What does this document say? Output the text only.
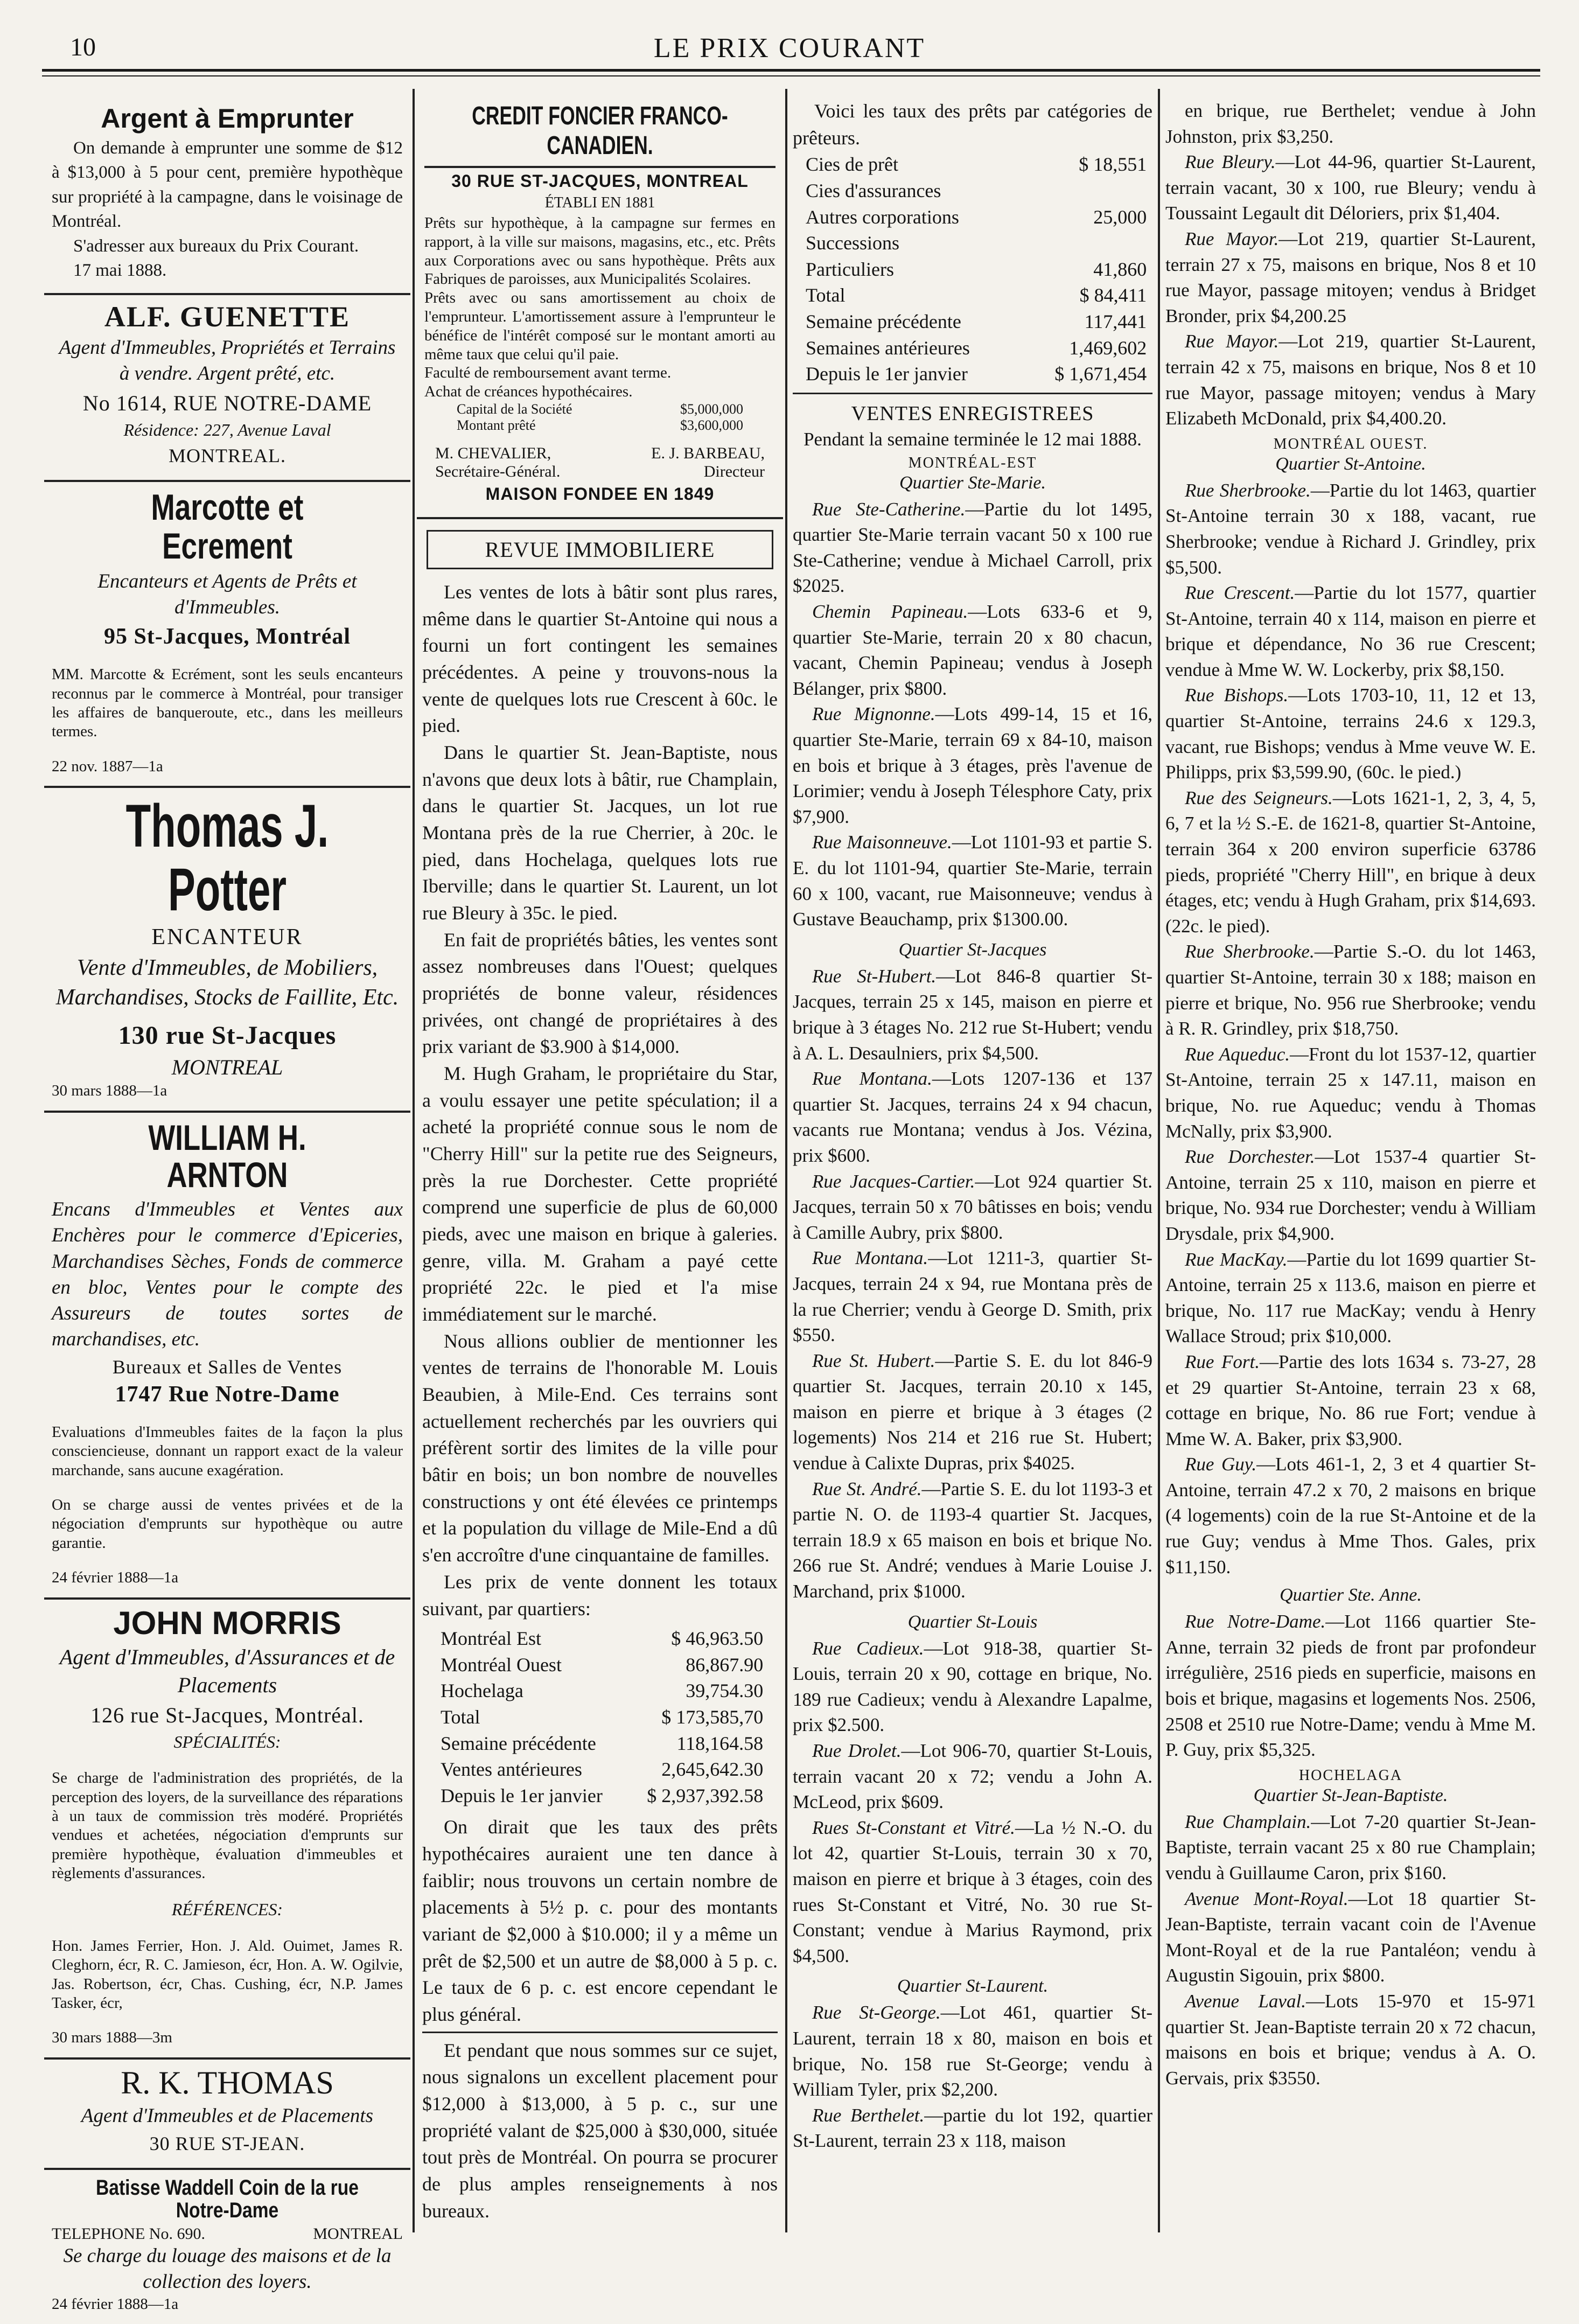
10	LE PRIX COURANT
Argent à Emprunter

On demande à emprunter une somme de $12 à $13,000 à 5 pour cent, première hypothèque sur propriété à la campagne, dans le voisinage de Montréal.

S'adresser aux bureaux du Prix Courant.

17 mai 1888.

ALF. GUENETTE
Agent d'Immeubles, Propriétés et Terrains à vendre. Argent prêté, etc.
No 1614, RUE NOTRE-DAME
Résidence: 227, Avenue Laval
MONTREAL.
Marcotte et Ecrement
Encanteurs et Agents de Prêts et d'Immeubles.
95 St-Jacques, Montréal

MM. Marcotte & Ecrément, sont les seuls encanteurs reconnus par le commerce à Montréal, pour transiger les affaires de banqueroute, etc., dans les meilleurs termes.

22 nov. 1887—1a
Thomas J. Potter
ENCANTEUR
Vente d'Immeubles, de Mobiliers, Marchandises, Stocks de Faillite, Etc.
130 rue St-Jacques
MONTREAL
30 mars 1888—1a
WILLIAM H. ARNTON
Encans d'Immeubles et Ventes aux Enchères pour le commerce d'Epiceries, Marchandises Sèches, Fonds de commerce en bloc, Ventes pour le compte des Assureurs de toutes sortes de marchandises, etc.
Bureaux et Salles de Ventes
1747 Rue Notre-Dame

Evaluations d'Immeubles faites de la façon la plus consciencieuse, donnant un rapport exact de la valeur marchande, sans aucune exagération.

On se charge aussi de ventes privées et de la négociation d'emprunts sur hypothèque ou autre garantie.

24 février 1888—1a
JOHN MORRIS
Agent d'Immeubles, d'Assurances et de Placements
126 rue St-Jacques, Montréal.
SPÉCIALITÉS:

Se charge de l'administration des propriétés, de la perception des loyers, de la surveillance des réparations à un taux de commission très modéré. Propriétés vendues et achetées, négociation d'emprunts sur première hypothèque, évaluation d'immeubles et règlements d'assurances.

RÉFÉRENCES:

Hon. James Ferrier, Hon. J. Ald. Ouimet, James R. Cleghorn, écr, R. C. Jamieson, écr, Hon. A. W. Ogilvie, Jas. Robertson, écr, Chas. Cushing, écr, N.P. James Tasker, écr,

30 mars 1888—3m
R. K. THOMAS
Agent d'Immeubles et de Placements
30 RUE ST-JEAN.
Batisse Waddell Coin de la rue Notre-Dame
TELEPHONE No. 690.	MONTREAL
Se charge du louage des maisons et de la collection des loyers.
24 février 1888—1a
CREDIT FONCIER FRANCO-CANADIEN.
30 RUE ST-JACQUES, MONTREAL
ÉTABLI EN 1881

Prêts sur hypothèque, à la campagne sur fermes en rapport, à la ville sur maisons, magasins, etc., etc. Prêts aux Corporations avec ou sans hypothèque. Prêts aux Fabriques de paroisses, aux Municipalités Scolaires.

Prêts avec ou sans amortissement au choix de l'emprunteur. L'amortissement assure à l'emprunteur le bénéfice de l'intérêt composé sur le montant amorti au même taux que celui qu'il paie.

Faculté de remboursement avant terme.

Achat de créances hypothécaires.

Capital de la Société	$5,000,000
Montant prêté	$3,600,000
M. CHEVALIER,	E. J. BARBEAU,
Secrétaire-Général.	Directeur
MAISON FONDEE EN 1849
REVUE IMMOBILIERE

Les ventes de lots à bâtir sont plus rares, même dans le quartier St-Antoine qui nous a fourni un fort contingent les semaines précédentes. A peine y trouvons-nous la vente de quelques lots rue Crescent à 60c. le pied.

Dans le quartier St. Jean-Baptiste, nous n'avons que deux lots à bâtir, rue Champlain, dans le quartier St. Jacques, un lot rue Montana près de la rue Cherrier, à 20c. le pied, dans Hochelaga, quelques lots rue Iberville; dans le quartier St. Laurent, un lot rue Bleury à 35c. le pied.

En fait de propriétés bâties, les ventes sont assez nombreuses dans l'Ouest; quelques propriétés de bonne valeur, résidences privées, ont changé de propriétaires à des prix variant de $3.900 à $14,000.

M. Hugh Graham, le propriétaire du Star, a voulu essayer une petite spéculation; il a acheté la propriété connue sous le nom de "Cherry Hill" sur la petite rue des Seigneurs, près la rue Dorchester. Cette propriété comprend une superficie de plus de 60,000 pieds, avec une maison en brique à galeries. genre, villa. M. Graham a payé cette propriété 22c. le pied et l'a mise immédiatement sur le marché.

Nous allions oublier de mentionner les ventes de terrains de l'honorable M. Louis Beaubien, à Mile-End. Ces terrains sont actuellement recherchés par les ouvriers qui préfèrent sortir des limites de la ville pour bâtir en bois; un bon nombre de nouvelles constructions y ont été élevées ce printemps et la population du village de Mile-End a dû s'en accroître d'une cinquantaine de familles.

Les prix de vente donnent les totaux suivant, par quartiers:

Montréal Est	$ 46,963.50
Montréal Ouest	86,867.90
Hochelaga	39,754.30
Total	$ 173,585,70
Semaine précédente	118,164.58
Ventes antérieures	2,645,642.30
Depuis le 1er janvier	$ 2,937,392.58

On dirait que les taux des prêts hypothécaires auraient une ten dance à faiblir; nous trouvons un certain nombre de placements à 5½ p. c. pour des montants variant de $2,000 à $10.000; il y a même un prêt de $2,500 et un autre de $8,000 à 5 p. c. Le taux de 6 p. c. est encore cependant le plus général.

Et pendant que nous sommes sur ce sujet, nous signalons un excellent placement pour $12,000 à $13,000, à 5 p. c., sur une propriété valant de $25,000 à $30,000, située tout près de Montréal. On pourra se procurer de plus amples renseignements à nos bureaux.

Voici les taux des prêts par catégories de prêteurs.

Cies de prêt	$ 18,551
Cies d'assurances	
Autres corporations	25,000
Successions	
Particuliers	41,860
Total	$ 84,411
Semaine précédente	117,441
Semaines antérieures	1,469,602
Depuis le 1er janvier	$ 1,671,454
VENTES ENREGISTREES
Pendant la semaine terminée le 12 mai 1888.
MONTRÉAL-EST
Quartier Ste-Marie.

Rue Ste-Catherine.—Partie du lot 1495, quartier Ste-Marie terrain vacant 50 x 100 rue Ste-Catherine; vendue à Michael Carroll, prix $2025.

Chemin Papineau.—Lots 633-6 et 9, quartier Ste-Marie, terrain 20 x 80 chacun, vacant, Chemin Papineau; vendus à Joseph Bélanger, prix $800.

Rue Mignonne.—Lots 499-14, 15 et 16, quartier Ste-Marie, terrain 69 x 84-10, maison en bois et brique à 3 étages, près l'avenue de Lorimier; vendu à Joseph Télesphore Caty, prix $7,900.

Rue Maisonneuve.—Lot 1101-93 et partie S. E. du lot 1101-94, quartier Ste-Marie, terrain 60 x 100, vacant, rue Maisonneuve; vendus à Gustave Beauchamp, prix $1300.00.

Quartier St-Jacques

Rue St-Hubert.—Lot 846-8 quartier St-Jacques, terrain 25 x 145, maison en pierre et brique à 3 étages No. 212 rue St-Hubert; vendu à A. L. Desaulniers, prix $4,500.

Rue Montana.—Lots 1207-136 et 137 quartier St. Jacques, terrains 24 x 94 chacun, vacants rue Montana; vendus à Jos. Vézina, prix $600.

Rue Jacques-Cartier.—Lot 924 quartier St. Jacques, terrain 50 x 70 bâtisses en bois; vendu à Camille Aubry, prix $800.

Rue Montana.—Lot 1211-3, quartier St-Jacques, terrain 24 x 94, rue Montana près de la rue Cherrier; vendu à George D. Smith, prix $550.

Rue St. Hubert.—Partie S. E. du lot 846-9 quartier St. Jacques, terrain 20.10 x 145, maison en pierre et brique à 3 étages (2 logements) Nos 214 et 216 rue St. Hubert; vendue à Calixte Dupras, prix $4025.

Rue St. André.—Partie S. E. du lot 1193-3 et partie N. O. de 1193-4 quartier St. Jacques, terrain 18.9 x 65 maison en bois et brique No. 266 rue St. André; vendues à Marie Louise J. Marchand, prix $1000.

Quartier St-Louis

Rue Cadieux.—Lot 918-38, quartier St-Louis, terrain 20 x 90, cottage en brique, No. 189 rue Cadieux; vendu à Alexandre Lapalme, prix $2.500.

Rue Drolet.—Lot 906-70, quartier St-Louis, terrain vacant 20 x 72; vendu a John A. McLeod, prix $609.

Rues St-Constant et Vitré.—La ½ N.-O. du lot 42, quartier St-Louis, terrain 30 x 70, maison en pierre et brique à 3 étages, coin des rues St-Constant et Vitré, No. 30 rue St-Constant; vendue à Marius Raymond, prix $4,500.

Quartier St-Laurent.

Rue St-George.—Lot 461, quartier St-Laurent, terrain 18 x 80, maison en bois et brique, No. 158 rue St-George; vendu à William Tyler, prix $2,200.

Rue Berthelet.—partie du lot 192, quartier St-Laurent, terrain 23 x 118, maison

en brique, rue Berthelet; vendue à John Johnston, prix $3,250.

Rue Bleury.—Lot 44-96, quartier St-Laurent, terrain vacant, 30 x 100, rue Bleury; vendu à Toussaint Legault dit Déloriers, prix $1,404.

Rue Mayor.—Lot 219, quartier St-Laurent, terrain 27 x 75, maisons en brique, Nos 8 et 10 rue Mayor, passage mitoyen; vendus à Bridget Bronder, prix $4,200.25

Rue Mayor.—Lot 219, quartier St-Laurent, terrain 42 x 75, maisons en brique, Nos 8 et 10 rue Mayor, passage mitoyen; vendus à Mary Elizabeth McDonald, prix $4,400.20.

MONTRÉAL OUEST.
Quartier St-Antoine.

Rue Sherbrooke.—Partie du lot 1463, quartier St-Antoine terrain 30 x 188, vacant, rue Sherbrooke; vendue à Richard J. Grindley, prix $5,500.

Rue Crescent.—Partie du lot 1577, quartier St-Antoine, terrain 40 x 114, maison en pierre et brique et dépendance, No 36 rue Crescent; vendue à Mme W. W. Lockerby, prix $8,150.

Rue Bishops.—Lots 1703-10, 11, 12 et 13, quartier St-Antoine, terrains 24.6 x 129.3, vacant, rue Bishops; vendus à Mme veuve W. E. Philipps, prix $3,599.90, (60c. le pied.)

Rue des Seigneurs.—Lots 1621-1, 2, 3, 4, 5, 6, 7 et la ½ S.-E. de 1621-8, quartier St-Antoine, terrain 364 x 200 environ superficie 63786 pieds, propriété "Cherry Hill", en brique à deux étages, etc; vendu à Hugh Graham, prix $14,693. (22c. le pied).

Rue Sherbrooke.—Partie S.-O. du lot 1463, quartier St-Antoine, terrain 30 x 188; maison en pierre et brique, No. 956 rue Sherbrooke; vendu à R. R. Grindley, prix $18,750.

Rue Aqueduc.—Front du lot 1537-12, quartier St-Antoine, terrain 25 x 147.11, maison en brique, No. rue Aqueduc; vendu à Thomas McNally, prix $3,900.

Rue Dorchester.—Lot 1537-4 quartier St-Antoine, terrain 25 x 110, maison en pierre et brique, No. 934 rue Dorchester; vendu à William Drysdale, prix $4,900.

Rue MacKay.—Partie du lot 1699 quartier St-Antoine, terrain 25 x 113.6, maison en pierre et brique, No. 117 rue MacKay; vendu à Henry Wallace Stroud; prix $10,000.

Rue Fort.—Partie des lots 1634 s. 73-27, 28 et 29 quartier St-Antoine, terrain 23 x 68, cottage en brique, No. 86 rue Fort; vendue à Mme W. A. Baker, prix $3,900.

Rue Guy.—Lots 461-1, 2, 3 et 4 quartier St-Antoine, terrain 47.2 x 70, 2 maisons en brique (4 logements) coin de la rue St-Antoine et de la rue Guy; vendus à Mme Thos. Gales, prix $11,150.

Quartier Ste. Anne.

Rue Notre-Dame.—Lot 1166 quartier Ste-Anne, terrain 32 pieds de front par profondeur irrégulière, 2516 pieds en superficie, maisons en bois et brique, magasins et logements Nos. 2506, 2508 et 2510 rue Notre-Dame; vendu à Mme M. P. Guy, prix $5,325.

HOCHELAGA
Quartier St-Jean-Baptiste.

Rue Champlain.—Lot 7-20 quartier St-Jean-Baptiste, terrain vacant 25 x 80 rue Champlain; vendu à Guillaume Caron, prix $160.

Avenue Mont-Royal.—Lot 18 quartier St-Jean-Baptiste, terrain vacant coin de l'Avenue Mont-Royal et de la rue Pantaléon; vendu à Augustin Sigouin, prix $800.

Avenue Laval.—Lots 15-970 et 15-971 quartier St. Jean-Baptiste terrain 20 x 72 chacun, maisons en bois et brique; vendus à A. O. Gervais, prix $3550.
